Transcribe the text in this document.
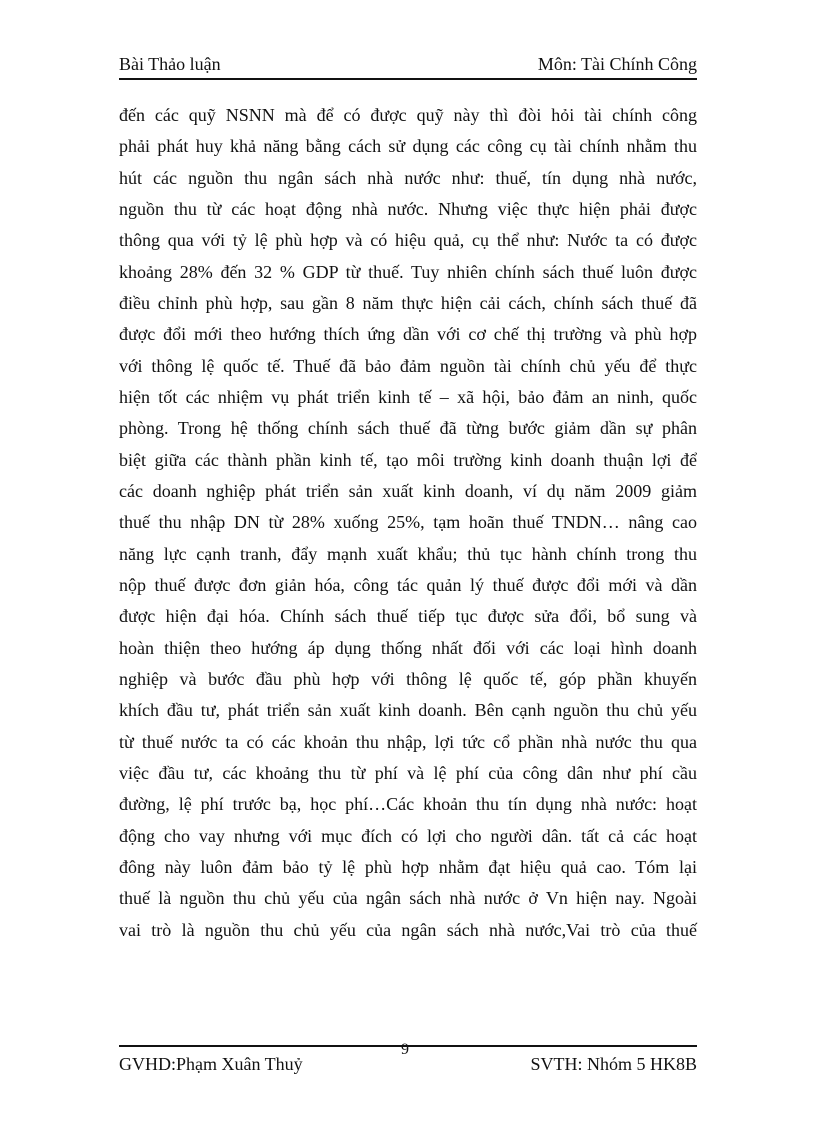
Bài Thảo luận	Môn: Tài Chính Công
đến các quỹ NSNN mà để có được quỹ này thì đòi hỏi tài chính công
phải phát huy khả năng bằng cách sử dụng các công cụ tài chính nhằm thu
hút các nguồn thu ngân sách nhà nước như: thuế, tín dụng nhà nước,
nguồn thu từ các hoạt động nhà nước. Nhưng việc thực hiện phải được
thông qua với tỷ lệ phù hợp và có hiệu quả, cụ thể như: Nước ta có được
khoảng 28% đến 32 % GDP từ thuế. Tuy nhiên chính sách thuế luôn được
điều chỉnh phù hợp, sau gần 8 năm thực hiện cải cách, chính sách thuế đã
được đổi mới theo hướng thích ứng dần với cơ chế thị trường và phù hợp
với thông lệ quốc tế. Thuế đã bảo đảm nguồn tài chính chủ yếu để thực
hiện tốt các nhiệm vụ phát triển kinh tế – xã hội, bảo đảm an ninh, quốc
phòng. Trong hệ thống chính sách thuế đã từng bước giảm dần sự phân
biệt giữa các thành phần kinh tế, tạo môi trường kinh doanh thuận lợi để
các doanh nghiệp phát triển sản xuất kinh doanh, ví dụ năm 2009 giảm
thuế thu nhập DN từ 28% xuống 25%, tạm hoãn thuế TNDN… nâng cao
năng lực cạnh tranh, đẩy mạnh xuất khẩu; thủ tục hành chính trong thu
nộp thuế được đơn giản hóa, công tác quản lý thuế được đổi mới và dần
được hiện đại hóa. Chính sách thuế tiếp tục được sửa đổi, bổ sung và
hoàn thiện theo hướng áp dụng thống nhất đối với các loại hình doanh
nghiệp và bước đầu phù hợp với thông lệ quốc tế, góp phần khuyến
khích đầu tư, phát triển sản xuất kinh doanh. Bên cạnh nguồn thu chủ yếu
từ thuế nước ta có các khoản thu nhập, lợi tức cổ phần nhà nước thu qua
việc đầu tư, các khoảng thu từ phí và lệ phí của công dân như phí cầu
đường, lệ phí trước bạ, học phí…Các khoản thu tín dụng nhà nước: hoạt
động cho vay nhưng với mục đích có lợi cho người dân. tất cả các hoạt
đông này luôn đảm bảo tỷ lệ phù hợp nhằm đạt hiệu quả cao. Tóm lại
thuế là nguồn thu chủ yếu của ngân sách nhà nước ở Vn hiện nay. Ngoài
vai trò là nguồn thu chủ yếu của ngân sách nhà nước,Vai trò của thuế
GVHD:Phạm Xuân Thuỷ
9
SVTH: Nhóm 5 HK8B
